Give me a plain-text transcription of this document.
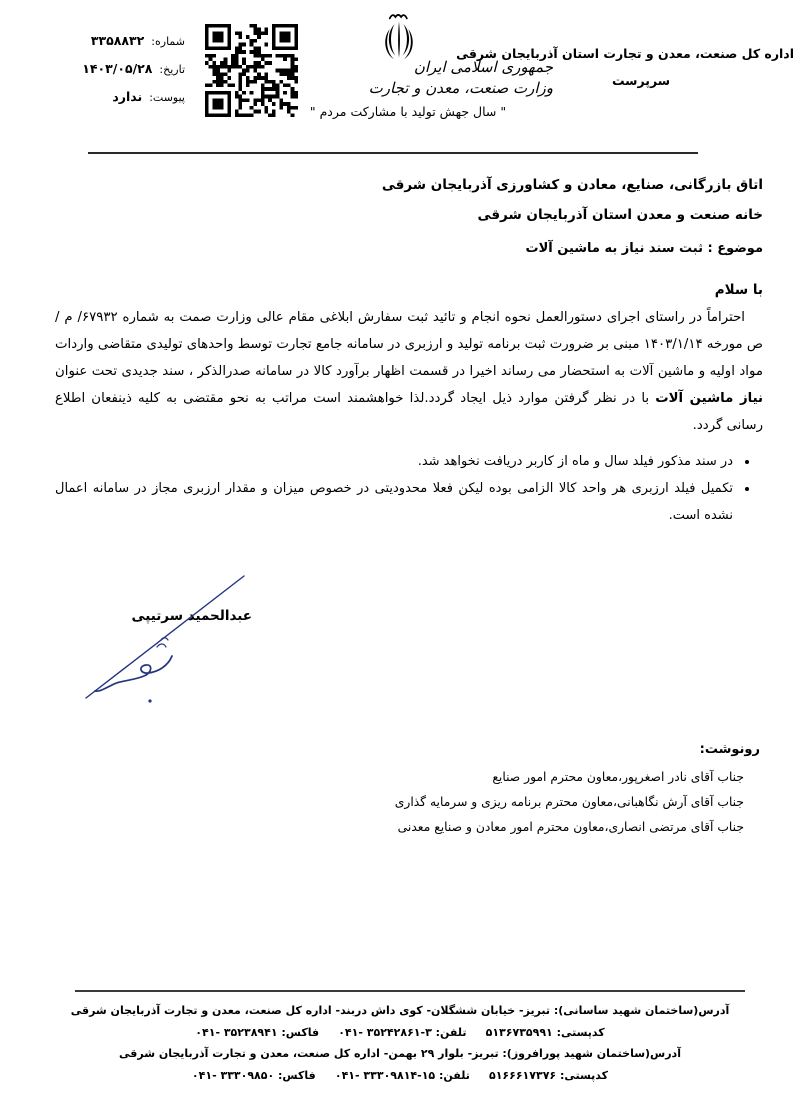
اداره کل صنعت، معدن و تجارت استان آذربایجان شرقی
سرپرست
جمهوری اسلامی ایران
وزارت صنعت، معدن و تجارت
" سال جهش تولید با مشارکت مردم "
شماره:
۳۳۵۸۸۳۲
تاریخ:
۱۴۰۳/۰۵/۲۸
پیوست:
ندارد
اتاق بازرگانی، صنایع، معادن و کشاورزی آذربایجان شرقی
خانه صنعت و معدن استان آذربایجان شرقی
موضوع : ثبت سند نیاز به ماشین آلات
با سلام

احتراماً در راستای اجرای دستورالعمل نحوه انجام و تائید ثبت سفارش ابلاغی مقام عالی وزارت صمت به شماره ۶۷۹۳۲/ م /ص مورخه ۱۴۰۳/۱/۱۴ مبنی بر ضرورت ثبت برنامه تولید و ارزبری در سامانه جامع تجارت توسط واحدهای تولیدی متقاضی واردات مواد اولیه و ماشین آلات به استحضار می رساند اخیرا در قسمت اظهار برآورد کالا در سامانه صدرالذکر ، سند جدیدی تحت عنوان نیاز ماشین آلات با در نظر گرفتن موارد ذیل ایجاد گردد.لذا خواهشمند است مراتب به نحو مقتضی به کلیه ذینفعان اطلاع رسانی گردد.

• در سند مذکور فیلد سال و ماه از کاربر دریافت نخواهد شد.
• تکمیل فیلد ارزبری هر واحد کالا الزامی بوده لیکن فعلا محدودیتی در خصوص میزان و مقدار ارزبری مجاز در سامانه اعمال نشده است.
عبدالحمید سرتیپی
رونوشت:
جناب آقای نادر اصغرپور،معاون محترم امور صنایع
جناب آقای آرش نگاهبانی،معاون محترم برنامه ریزی و سرمایه گذاری
جناب آقای مرتضی انصاری،معاون محترم امور معادن و صنایع معدنی
آدرس(ساختمان شهید ساسانی): تبریز- خیابان ششگلان- کوی داش دربند- اداره کل صنعت، معدن و تجارت آذربایجان شرقی
کدپستی: ۵۱۳۶۷۳۵۹۹۱     تلفن: ۳-۳۵۲۴۲۸۶۱ -۰۴۱     فاکس: ۳۵۲۳۸۹۴۱ -۰۴۱
آدرس(ساختمان شهید پورافروز): تبریز- بلوار ۲۹ بهمن- اداره کل صنعت، معدن و تجارت آذربایجان شرقی
کدپستی: ۵۱۶۶۶۱۷۳۷۶     تلفن: ۱۵-۳۳۳۰۹۸۱۴ -۰۴۱     فاکس: ۳۳۳۰۹۸۵۰ -۰۴۱
